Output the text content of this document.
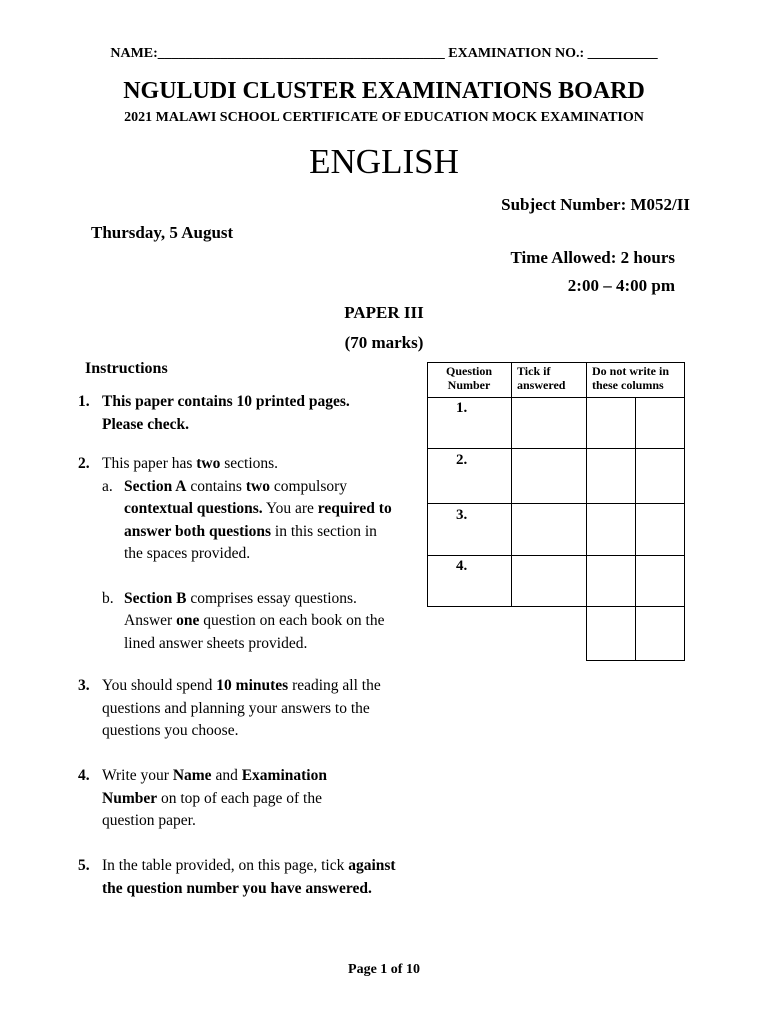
NAME:_________________________________________ EXAMINATION NO.: __________
NGULUDI CLUSTER EXAMINATIONS BOARD
2021 MALAWI SCHOOL CERTIFICATE OF EDUCATION MOCK EXAMINATION
ENGLISH
Subject Number: M052/II
Thursday, 5 August
Time Allowed: 2 hours
2:00 – 4:00 pm
PAPER III
(70 marks)
Instructions
1. This paper contains 10 printed pages. Please check.
2. This paper has two sections.
a. Section A contains two compulsory contextual questions. You are required to answer both questions in this section in the spaces provided.
b. Section B comprises essay questions. Answer one question on each book on the lined answer sheets provided.
3. You should spend 10 minutes reading all the questions and planning your answers to the questions you choose.
4. Write your Name and Examination Number on top of each page of the question paper.
5. In the table provided, on this page, tick against the question number you have answered.
Question Number
Tick if answered
Do not write in these columns
1.
2.
3.
4.
Page 1 of 10
